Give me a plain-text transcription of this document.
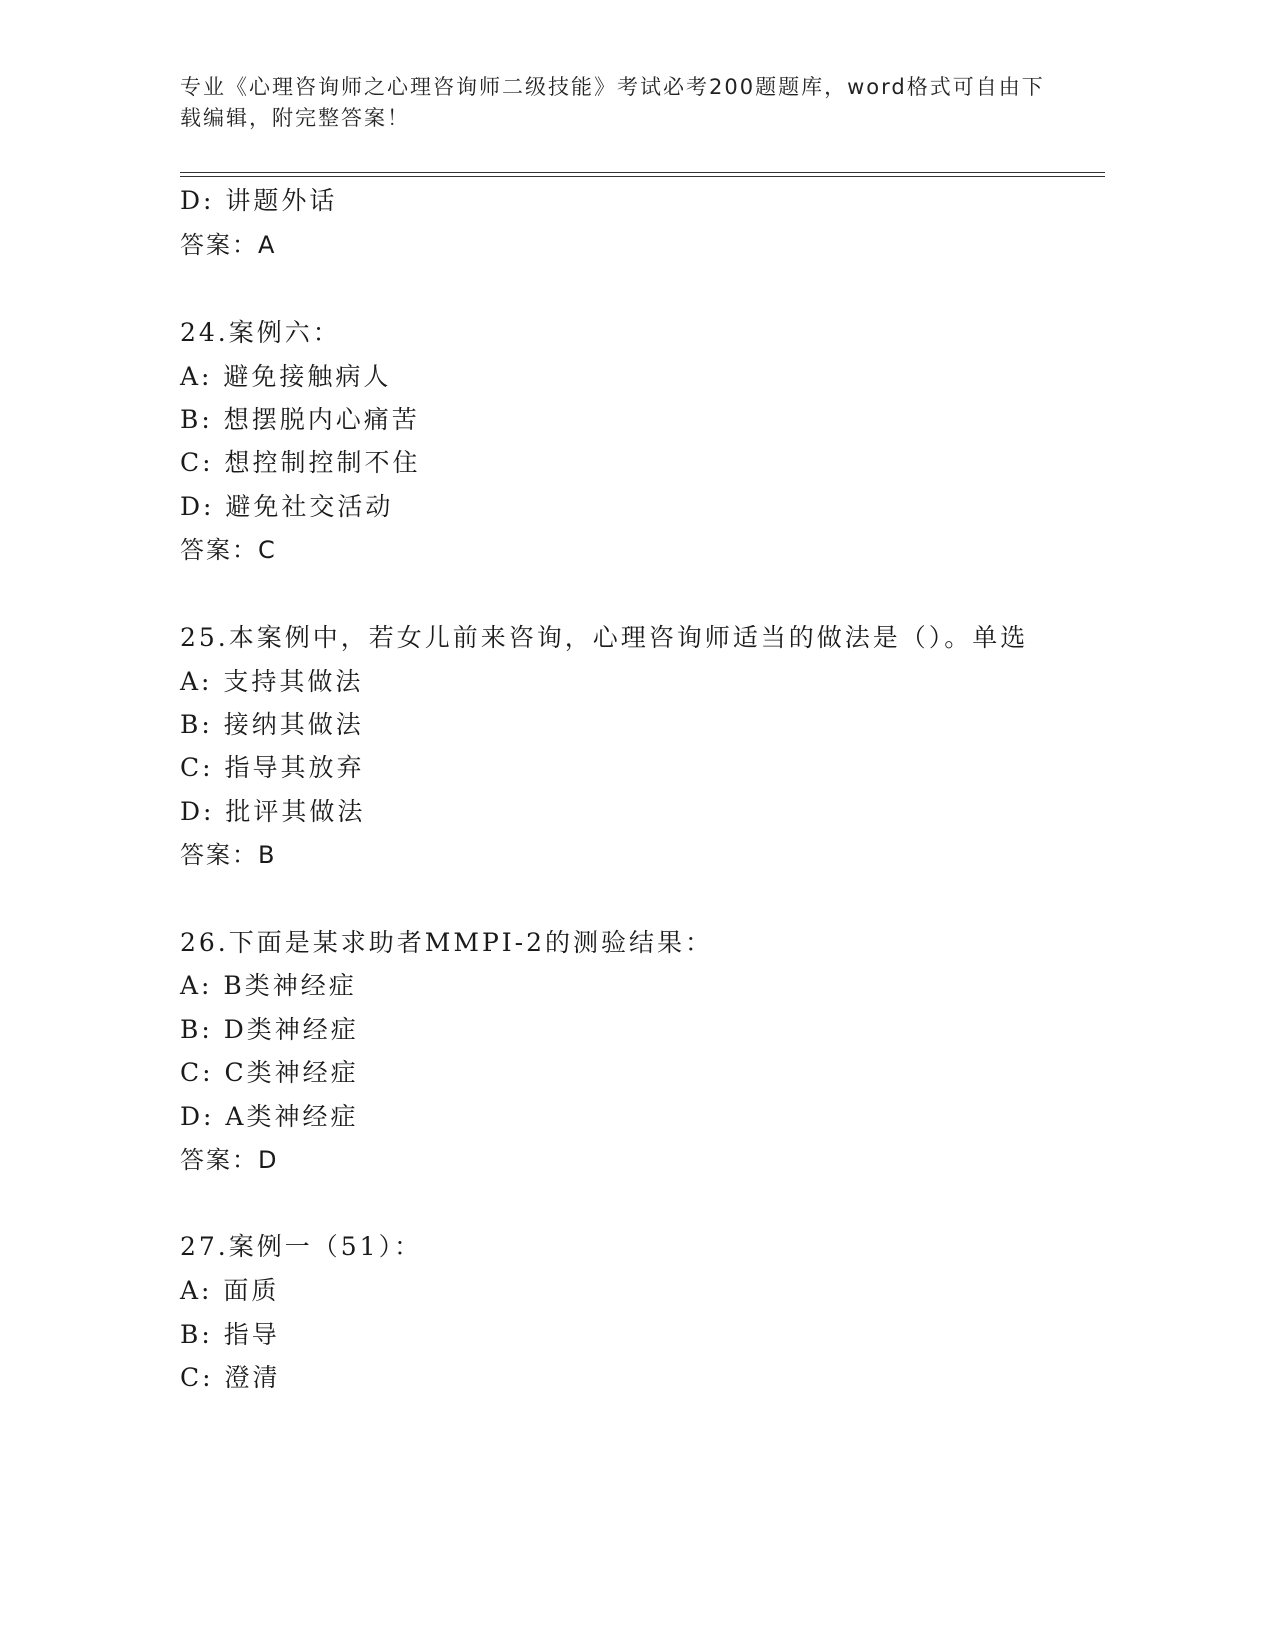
专业《心理咨询师之心理咨询师二级技能》考试必考200题题库，word格式可自由下载编辑，附完整答案！
D: 讲题外话
答案：A
24.案例六：
A: 避免接触病人
B: 想摆脱内心痛苦
C: 想控制控制不住
D: 避免社交活动
答案：C
25.本案例中，若女儿前来咨询，心理咨询师适当的做法是（）。单选
A: 支持其做法
B: 接纳其做法
C: 指导其放弃
D: 批评其做法
答案：B
26.下面是某求助者MMPI-2的测验结果：
A: B类神经症
B: D类神经症
C: C类神经症
D: A类神经症
答案：D
27.案例一（51）：
A: 面质
B: 指导
C: 澄清
